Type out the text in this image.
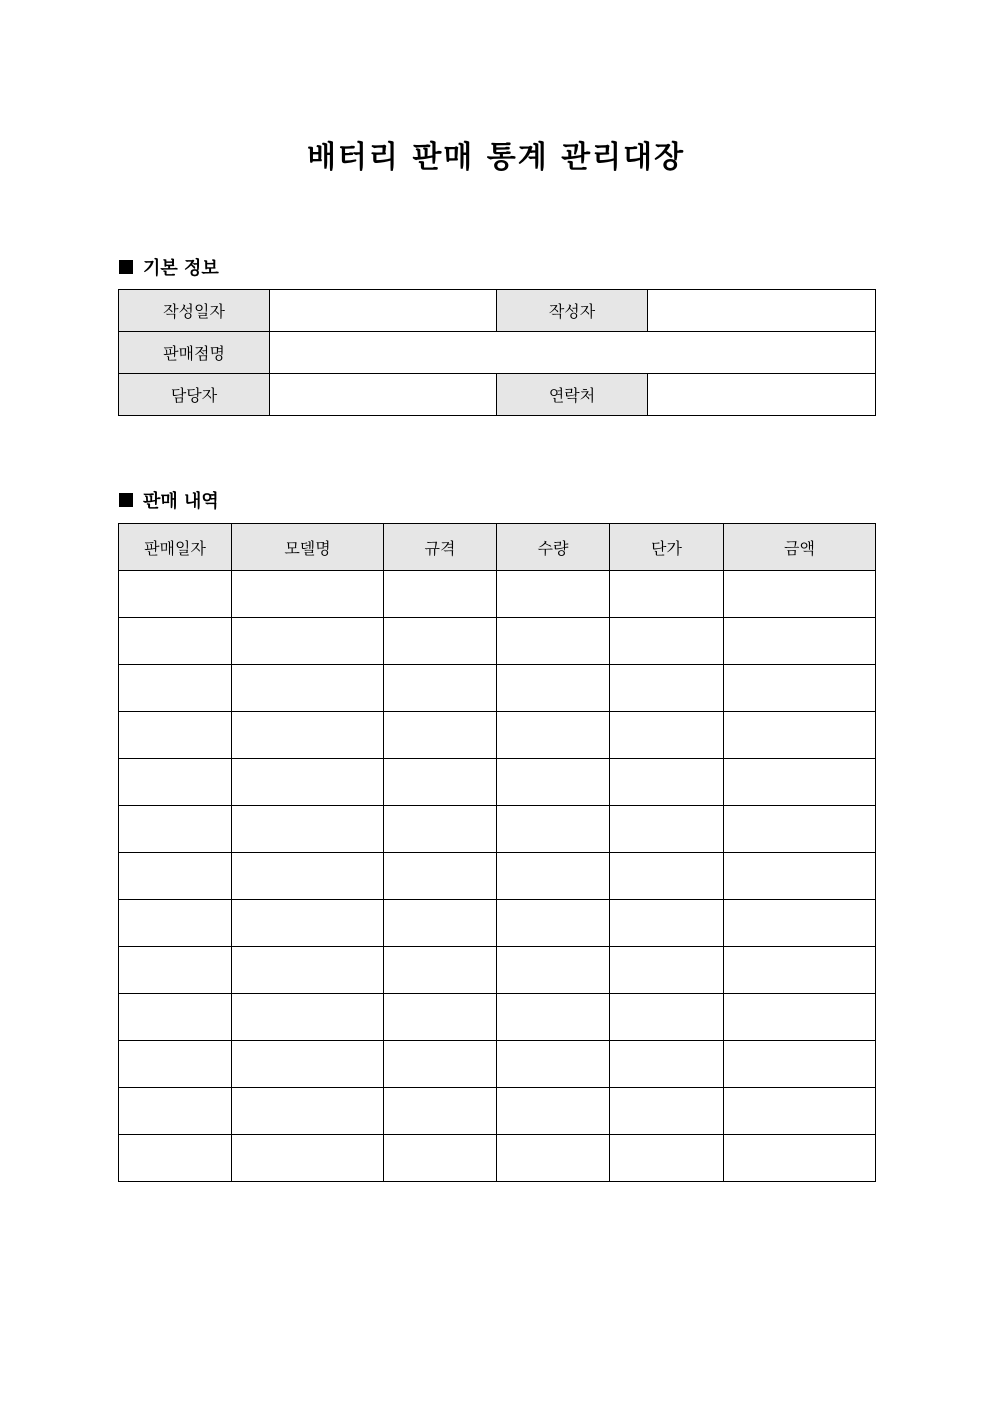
배터리 판매 통계 관리대장
기본 정보
작성일자		작성자	
판매점명			
담당자		연락처	
판매 내역
판매일자	모델명	규격	수량	단가	금액
